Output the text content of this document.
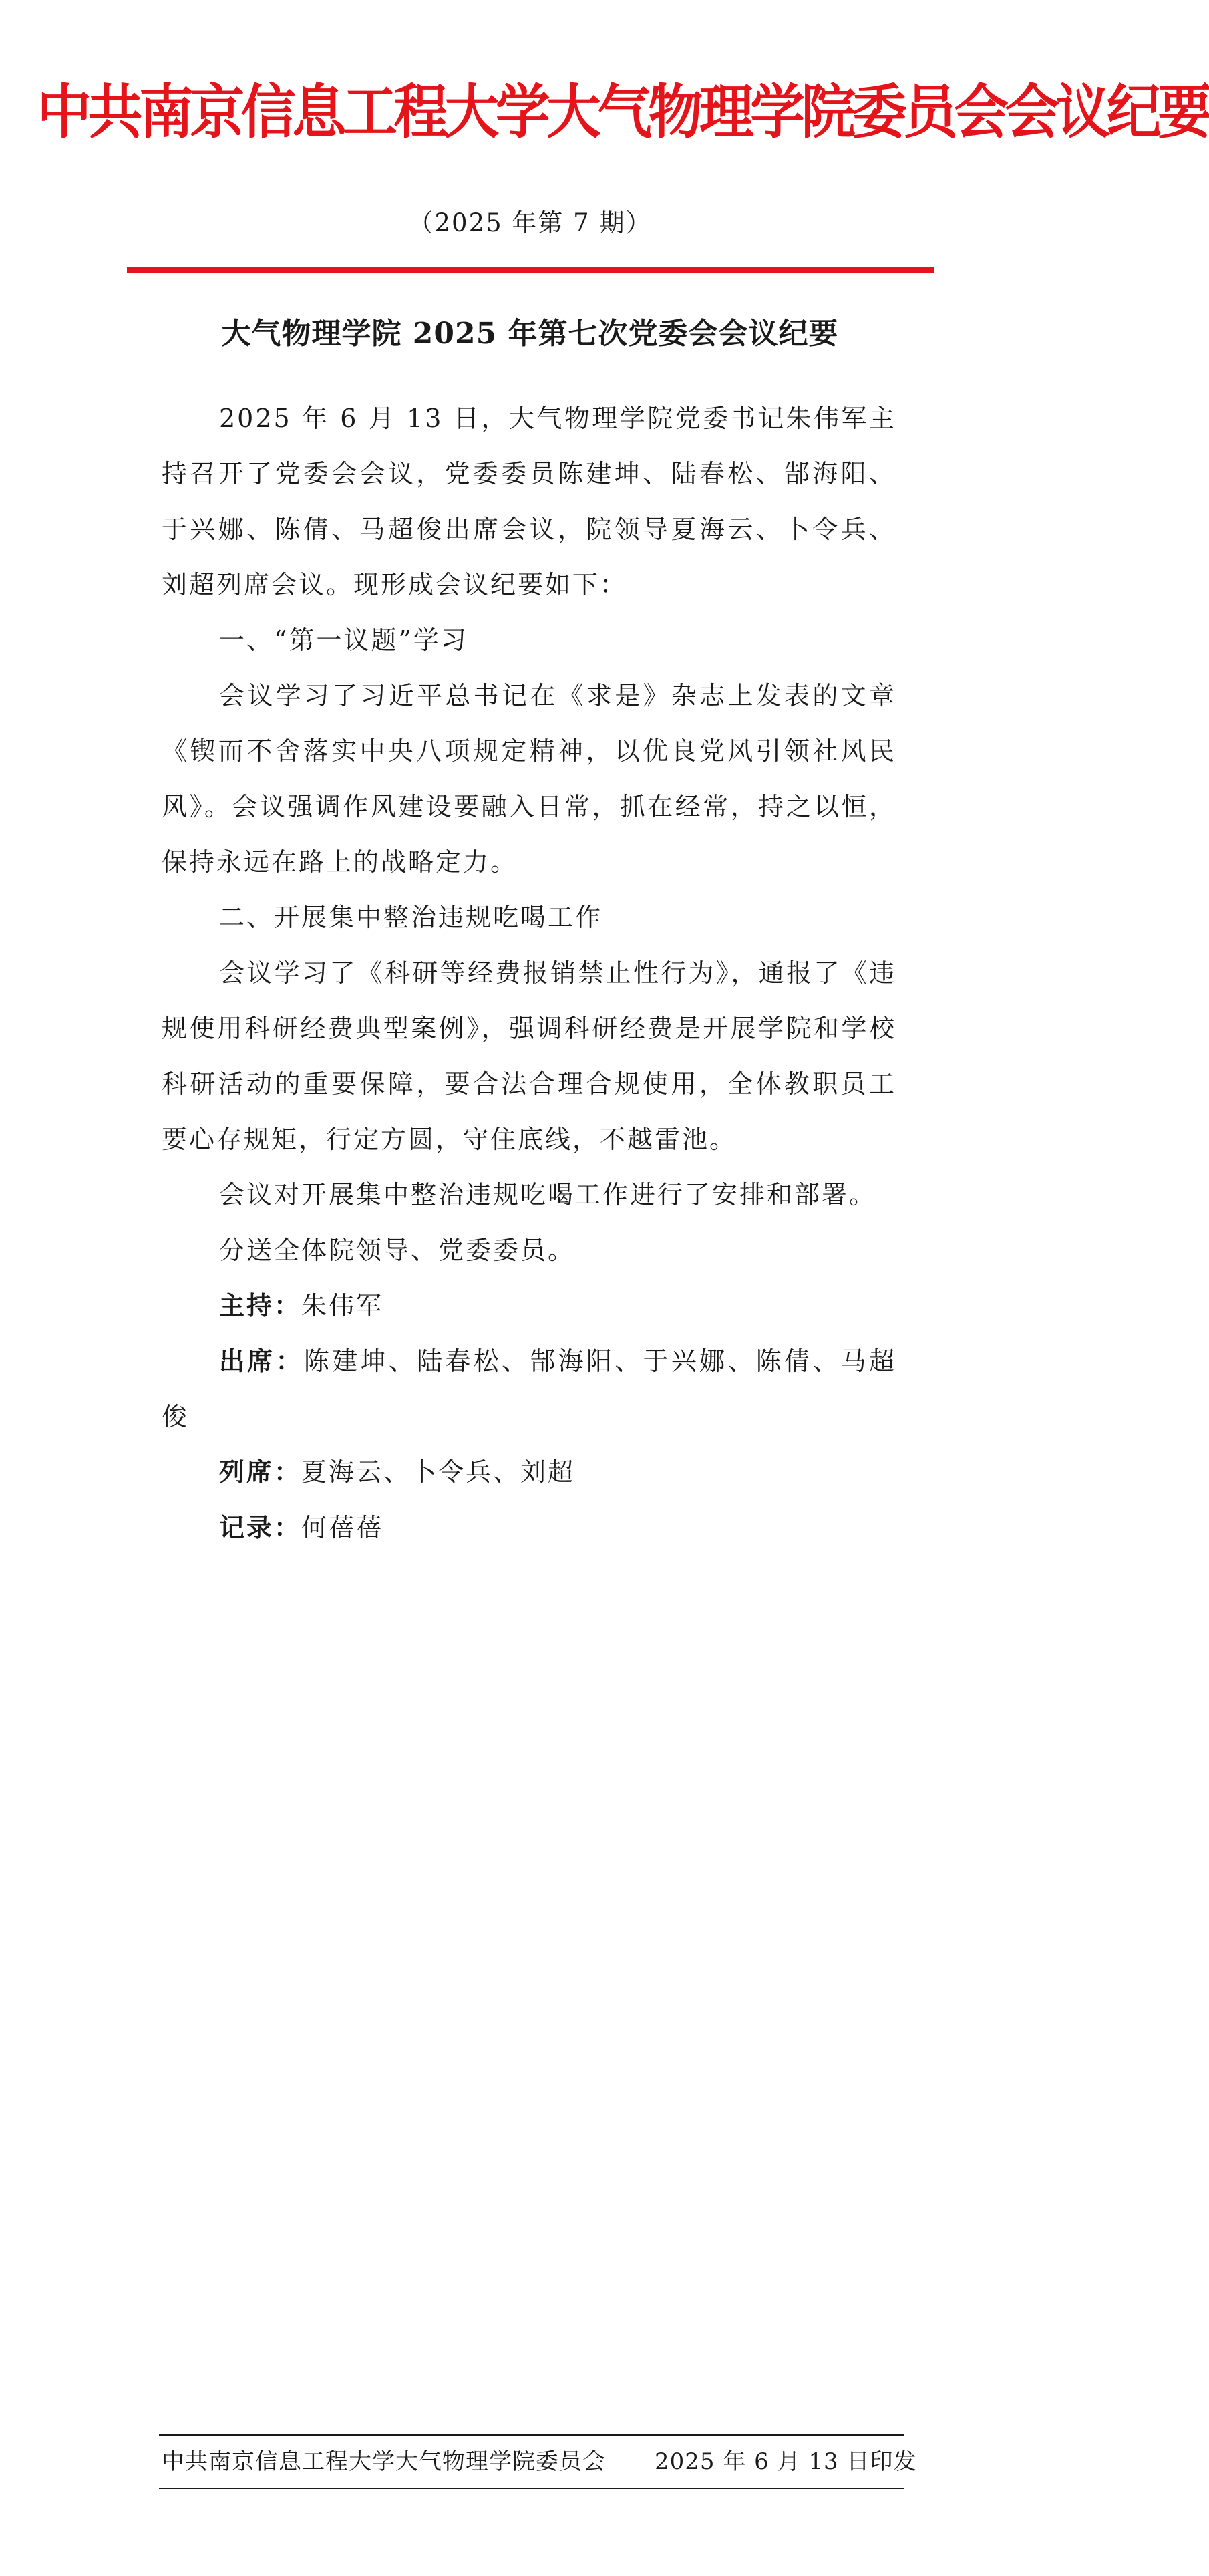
中共南京信息工程大学大气物理学院委员会会议纪要
（2025 年第 7 期）
大气物理学院 2025 年第七次党委会会议纪要

2025 年 6 月 13 日，大气物理学院党委书记朱伟军主持召开了党委会会议，党委委员陈建坤、陆春松、郜海阳、于兴娜、陈倩、马超俊出席会议，院领导夏海云、卜令兵、刘超列席会议。现形成会议纪要如下：

一、“第一议题”学习

会议学习了习近平总书记在《求是》杂志上发表的文章《锲而不舍落实中央八项规定精神，以优良党风引领社风民风》。会议强调作风建设要融入日常，抓在经常，持之以恒，保持永远在路上的战略定力。

二、开展集中整治违规吃喝工作

会议学习了《科研等经费报销禁止性行为》，通报了《违规使用科研经费典型案例》，强调科研经费是开展学院和学校科研活动的重要保障，要合法合理合规使用，全体教职员工要心存规矩，行定方圆，守住底线，不越雷池。

会议对开展集中整治违规吃喝工作进行了安排和部署。

分送全体院领导、党委委员。

主持：朱伟军

出席：陈建坤、陆春松、郜海阳、于兴娜、陈倩、马超俊

列席：夏海云、卜令兵、刘超

记录：何蓓蓓

中共南京信息工程大学大气物理学院委员会 2025 年 6 月 13 日印发
